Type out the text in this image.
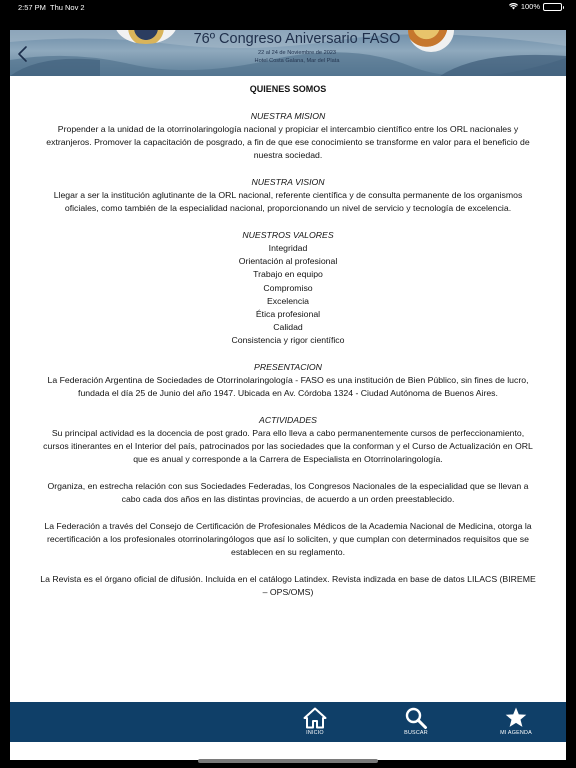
2:57 PM Thu Nov 2	100%
76º Congreso Aniversario FASO
22 al 24 de Noviembre de 2023
Hotel Costa Galana, Mar del Plata
QUIENES SOMOS
NUESTRA MISION
Propender a la unidad de la otorrinolaringología nacional y propiciar el intercambio científico entre los ORL nacionales y
extranjeros. Promover la capacitación de posgrado, a fin de que ese conocimiento se transforme en valor para el beneficio de
nuestra sociedad.
NUESTRA VISION
Llegar a ser la institución aglutinante de la ORL nacional, referente científica y de consulta permanente de los organismos
oficiales, como también de la especialidad nacional, proporcionando un nivel de servicio y tecnología de excelencia.
NUESTROS VALORES
Integridad
Orientación al profesional
Trabajo en equipo
Compromiso
Excelencia
Ética profesional
Calidad
Consistencia y rigor científico
PRESENTACION
La Federación Argentina de Sociedades de Otorrinolaringología - FASO es una institución de Bien Público, sin fines de lucro,
fundada el día 25 de Junio del año 1947. Ubicada en Av. Córdoba 1324 - Ciudad Autónoma de Buenos Aires.
ACTIVIDADES
Su principal actividad es la docencia de post grado. Para ello lleva a cabo permanentemente cursos de perfeccionamiento,
cursos itinerantes en el Interior del país, patrocinados por las sociedades que la conforman y el Curso de Actualización en ORL
que es anual y corresponde a la Carrera de Especialista en Otorrinolaringología.
Organiza, en estrecha relación con sus Sociedades Federadas, los Congresos Nacionales de la especialidad que se llevan a
cabo cada dos años en las distintas provincias, de acuerdo a un orden preestablecido.
La Federación a través del Consejo de Certificación de Profesionales Médicos de la Academia Nacional de Medicina, otorga la
recertificación a los profesionales otorrinolaringólogos que así lo soliciten, y que cumplan con determinados requisitos que se
establecen en su reglamento.
La Revista es el órgano oficial de difusión. Incluida en el catálogo Latindex. Revista indizada en base de datos LILACS (BIREME
– OPS/OMS)
INICIO	BUSCAR	MI AGENDA
